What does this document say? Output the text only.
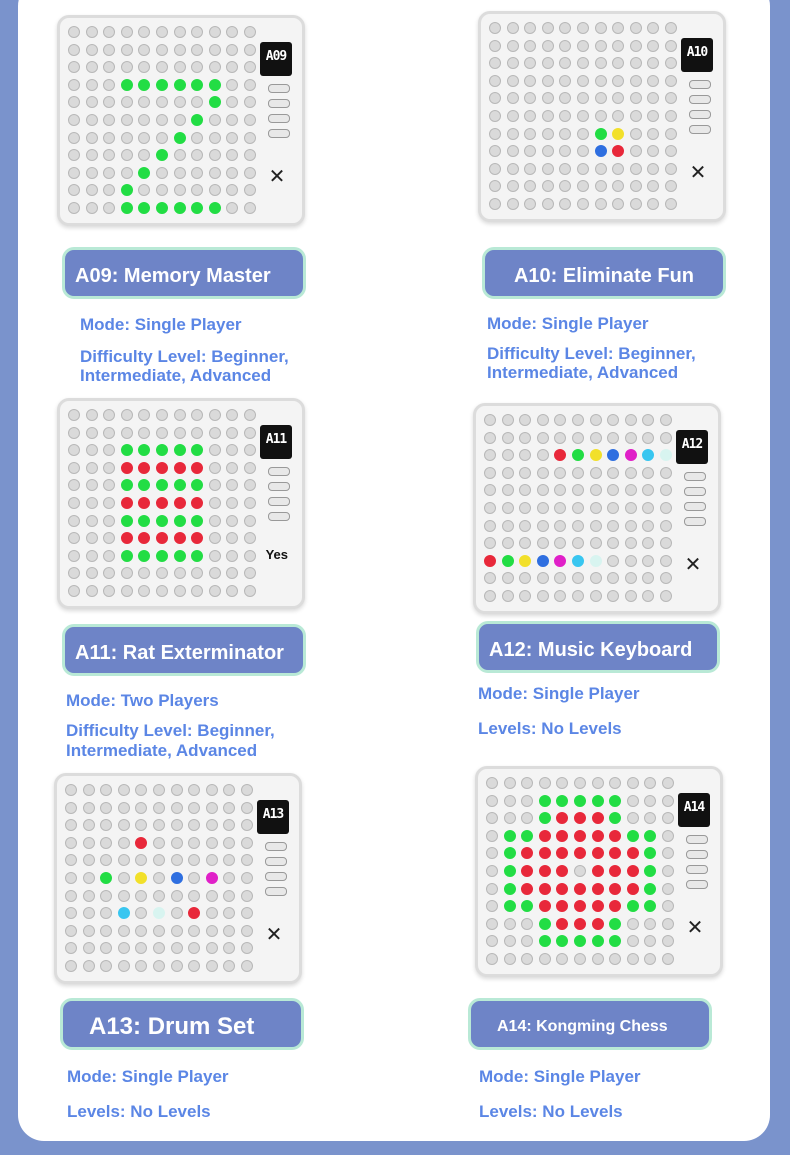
A09
✕
A09: Memory Master
Mode: Single Player
Difficulty Level: Beginner,
Intermediate, Advanced
A10
✕
A10: Eliminate Fun
Mode: Single Player
Difficulty Level: Beginner,
Intermediate, Advanced
A11
Yes
A11: Rat Exterminator
Mode: Two Players
Difficulty Level: Beginner,
Intermediate, Advanced
A12
✕
A12: Music Keyboard
Mode: Single Player
Levels: No Levels
A13
✕
A13: Drum Set
Mode: Single Player
Levels: No Levels
A14
✕
A14: Kongming Chess
Mode: Single Player
Levels: No Levels
